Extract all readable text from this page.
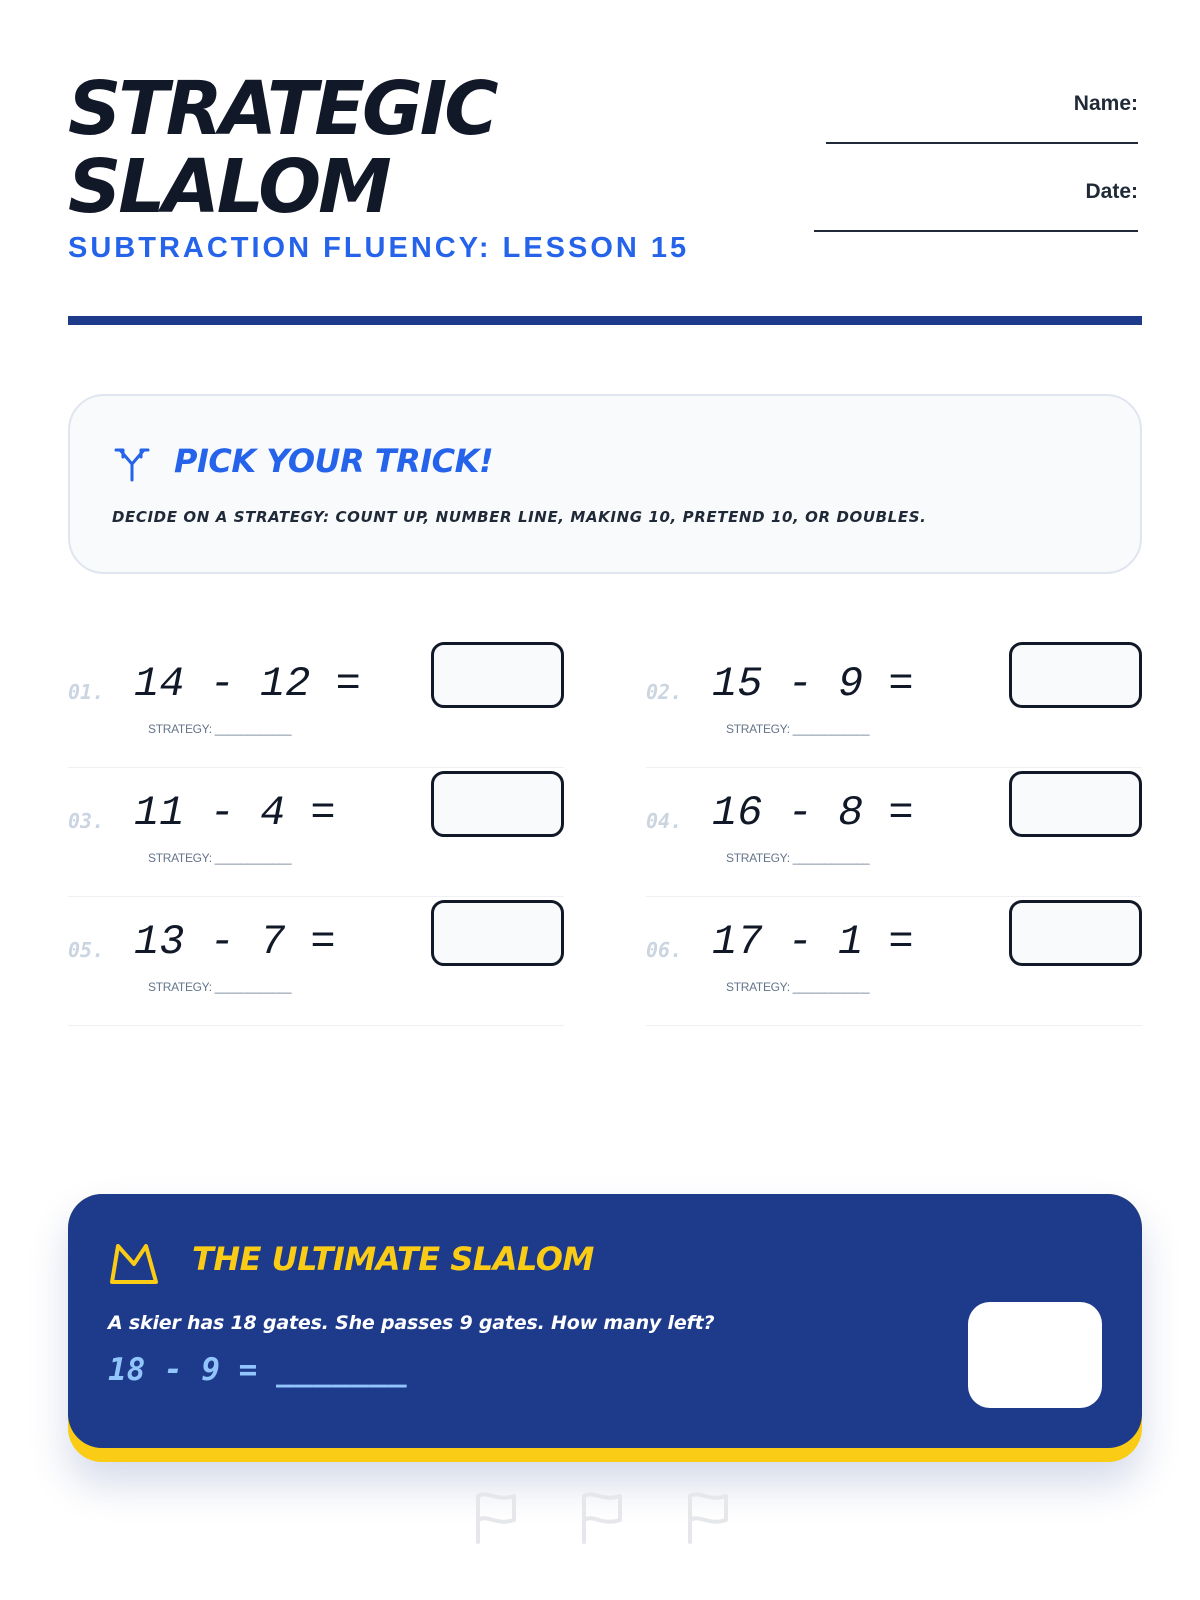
STRATEGIC
SLALOM
SUBTRACTION FLUENCY: LESSON 15
Name:
Date:
PICK YOUR TRICK!
DECIDE ON A STRATEGY: COUNT UP, NUMBER LINE, MAKING 10, PRETEND 10, OR DOUBLES.
01. 14 - 12 =
STRATEGY: ____________
02. 15 - 9 =
STRATEGY: ____________
03. 11 - 4 =
STRATEGY: ____________
04. 16 - 8 =
STRATEGY: ____________
05. 13 - 7 =
STRATEGY: ____________
06. 17 - 1 =
STRATEGY: ____________
THE ULTIMATE SLALOM
A skier has 18 gates. She passes 9 gates. How many left?
18 - 9 = _______
